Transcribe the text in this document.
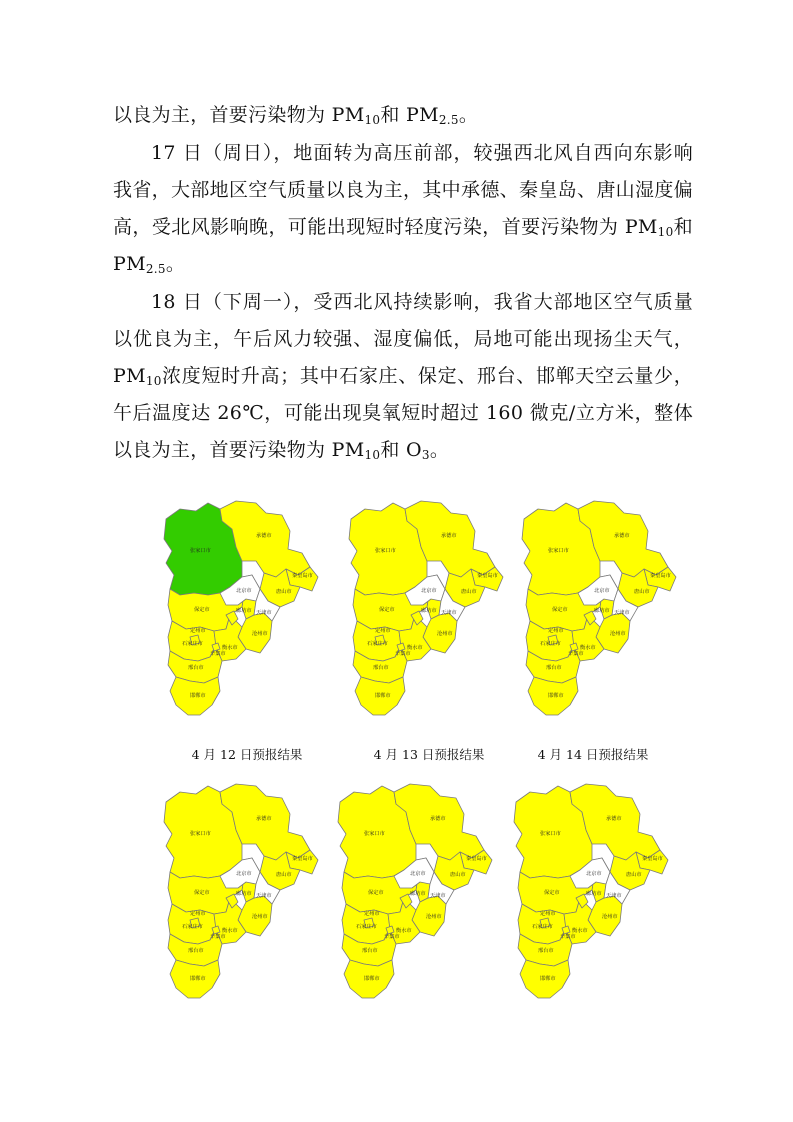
以良为主，首要污染物为 $PM_{10}$和 $PM_{2.5}$。

17 日（周日），地面转为高压前部，较强西北风自西向东影响我省，大部地区空气质量以良为主，其中承德、秦皇岛、唐山湿度偏高，受北风影响晚，可能出现短时轻度污染，首要污染物为 $PM_{10}$和 $PM_{2.5}$。

18 日（下周一），受西北风持续影响，我省大部地区空气质量以优良为主，午后风力较强、湿度偏低，局地可能出现扬尘天气，$PM_{10}$浓度短时升高；其中石家庄、保定、邢台、邯郸天空云量少，午后温度达 26℃，可能出现臭氧短时超过 160 微克/立方米，整体以良为主，首要污染物为 $PM_{10}$和 $O_3$。

张家口市
承德市
北京市
廊坊市 天津市
秦皇岛市
唐山市
保定市
沧州市
石家庄市
衡水市
邢台市
邯郸市
定州市
辛集市
张家口市
承德市
北京市
廊坊市 天津市
秦皇岛市
唐山市
保定市
沧州市
石家庄市
衡水市
邢台市
邯郸市
定州市
辛集市
张家口市
承德市
北京市
廊坊市 天津市
秦皇岛市
唐山市
保定市
沧州市
石家庄市
衡水市
邢台市
邯郸市
定州市
辛集市
4 月 12 日预报结果	4 月 13 日预报结果	4 月 14 日预报结果
张家口市
承德市
北京市
廊坊市 天津市
秦皇岛市
唐山市
保定市
沧州市
石家庄市
衡水市
邢台市
邯郸市
定州市
辛集市
张家口市
承德市
北京市
廊坊市 天津市
秦皇岛市
唐山市
保定市
沧州市
石家庄市
衡水市
邢台市
邯郸市
定州市
辛集市
张家口市
承德市
北京市
廊坊市 天津市
秦皇岛市
唐山市
保定市
沧州市
石家庄市
衡水市
邢台市
邯郸市
定州市
辛集市
